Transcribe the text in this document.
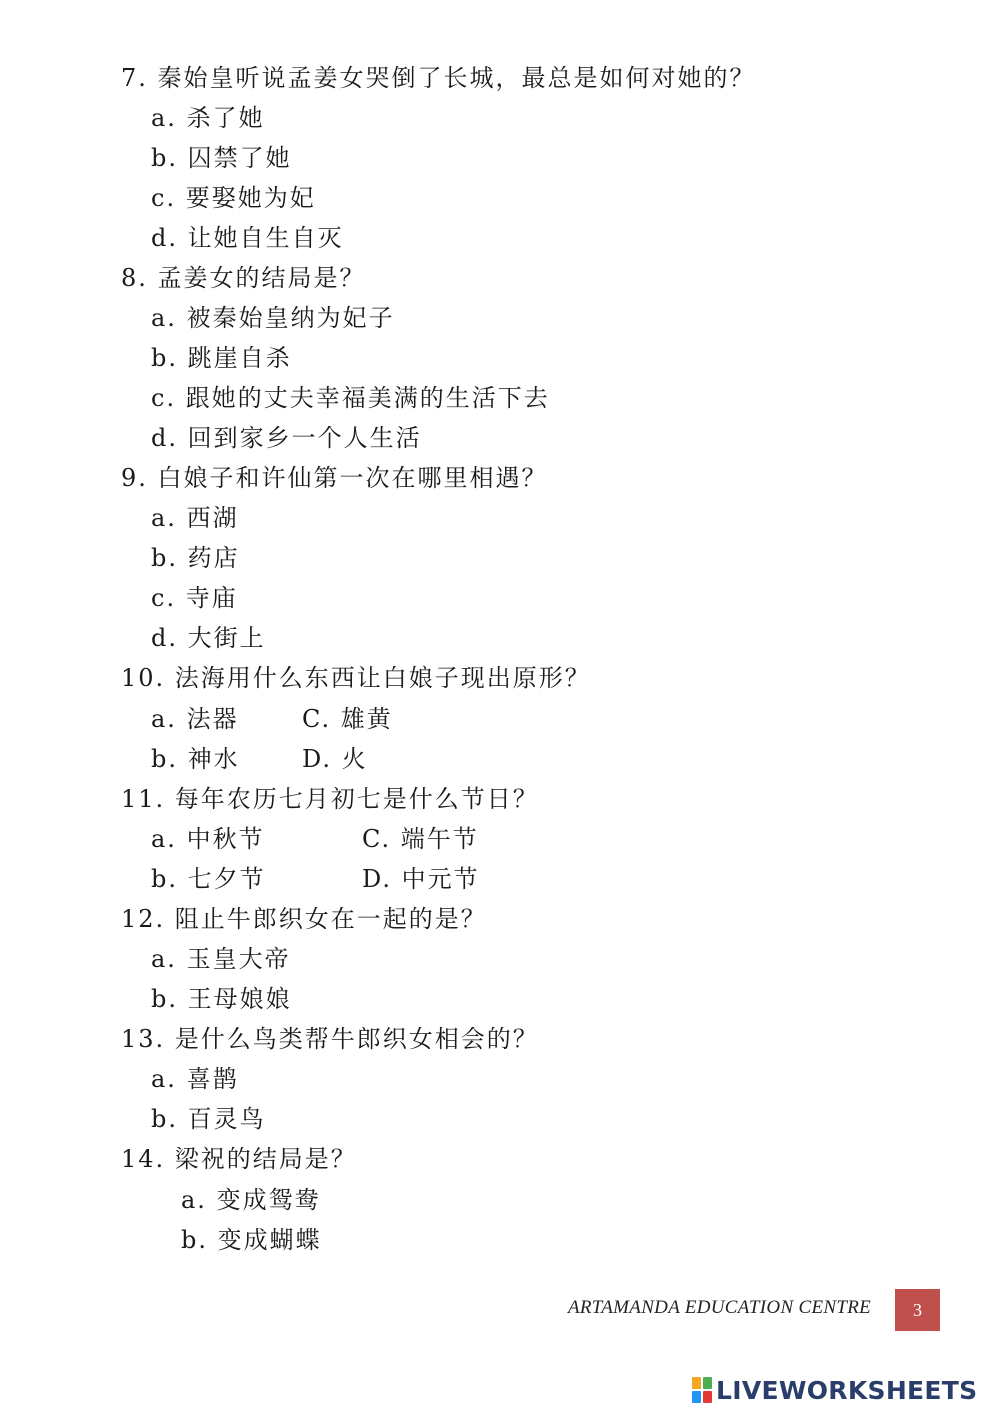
7. 秦始皇听说孟姜女哭倒了长城，最总是如何对她的？
a. 杀了她
b. 囚禁了她
c. 要娶她为妃
d. 让她自生自灭
8. 孟姜女的结局是？
a. 被秦始皇纳为妃子
b. 跳崖自杀
c. 跟她的丈夫幸福美满的生活下去
d. 回到家乡一个人生活
9. 白娘子和许仙第一次在哪里相遇？
a. 西湖
b. 药店
c. 寺庙
d. 大街上
10. 法海用什么东西让白娘子现出原形？
a. 法器	C. 雄黄
b. 神水	D. 火
11. 每年农历七月初七是什么节日？
a. 中秋节	C. 端午节
b. 七夕节	D. 中元节
12. 阻止牛郎织女在一起的是？
a. 玉皇大帝
b. 王母娘娘
13. 是什么鸟类帮牛郎织女相会的？
a. 喜鹊
b. 百灵鸟
14. 梁祝的结局是？
a. 变成鸳鸯
b. 变成蝴蝶
ARTAMANDA EDUCATION CENTRE	3
LIVEWORKSHEETS
